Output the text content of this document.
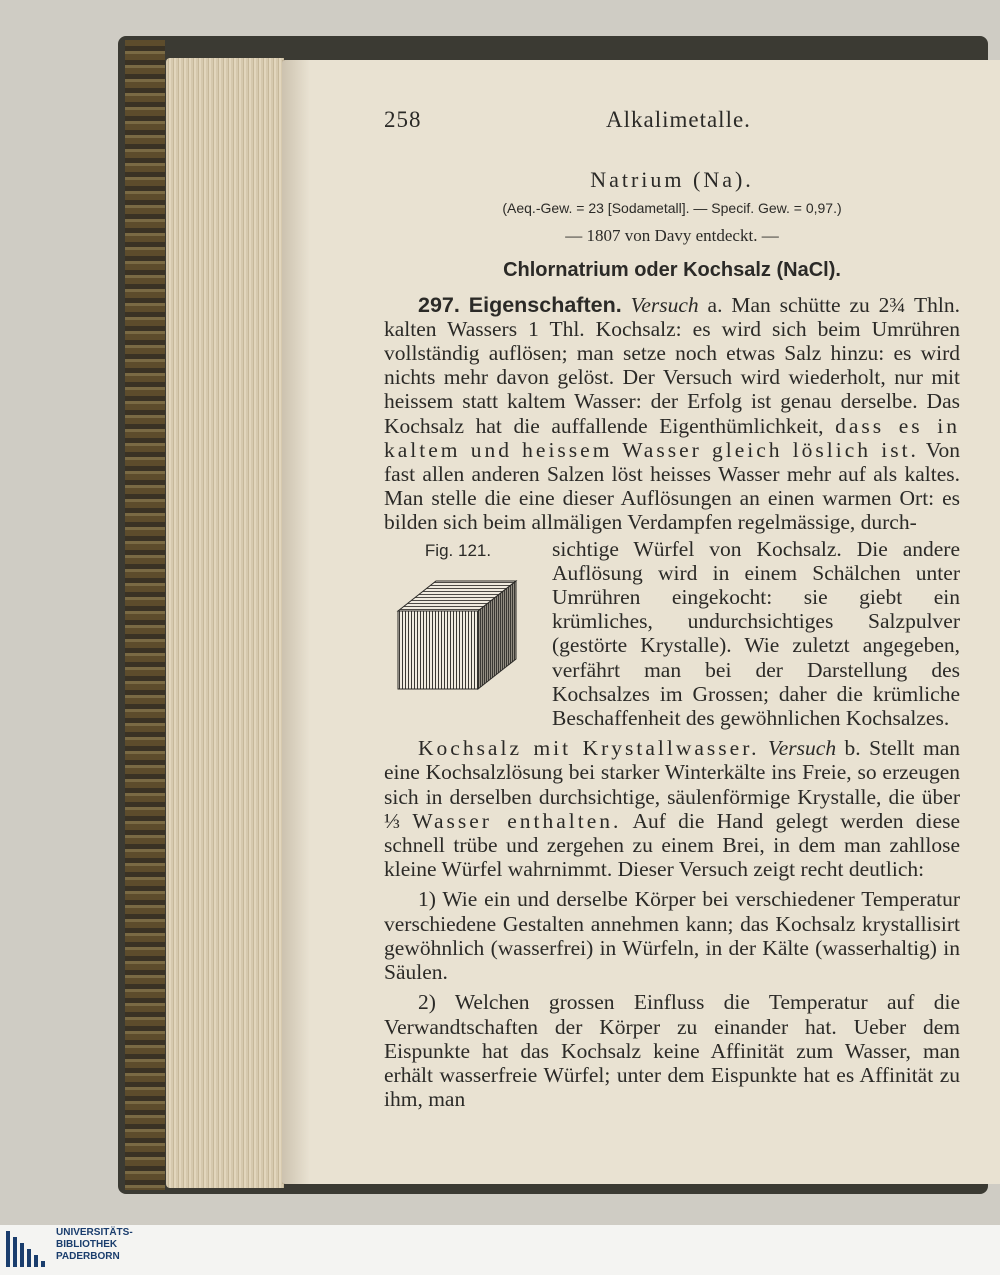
258	Alkalimetalle.
Natrium (Na).
(Aeq.-Gew. = 23 [Sodametall]. — Specif. Gew. = 0,97.)
— 1807 von Davy entdeckt. —
Chlornatrium oder Kochsalz (NaCl).

297. Eigenschaften. Versuch a. Man schütte zu 2¾ Thln. kalten Wassers 1 Thl. Kochsalz: es wird sich beim Umrühren vollständig auflösen; man setze noch etwas Salz hinzu: es wird nichts mehr davon gelöst. Der Versuch wird wiederholt, nur mit heissem statt kaltem Wasser: der Erfolg ist genau derselbe. Das Kochsalz hat die auffallende Eigenthümlichkeit, dass es in kaltem und heissem Wasser gleich löslich ist. Von fast allen anderen Salzen löst heisses Wasser mehr auf als kaltes. Man stelle die eine dieser Auflösungen an einen warmen Ort: es bilden sich beim allmäligen Verdampfen regelmässige, durch-

Fig. 121.	sichtige Würfel von Kochsalz. Die andere Auflösung wird in einem Schälchen unter Umrühren eingekocht: sie giebt ein krümliches, undurchsichtiges Salzpulver (gestörte Krystalle). Wie zuletzt angegeben, verfährt man bei der Darstellung des Kochsalzes im Grossen; daher die krümliche Beschaffenheit des gewöhnlichen Kochsalzes.

Kochsalz mit Krystallwasser. Versuch b. Stellt man eine Kochsalzlösung bei starker Winterkälte ins Freie, so erzeugen sich in derselben durchsichtige, säulenförmige Krystalle, die über ⅓ Wasser enthalten. Auf die Hand gelegt werden diese schnell trübe und zergehen zu einem Brei, in dem man zahllose kleine Würfel wahrnimmt. Dieser Versuch zeigt recht deutlich:

1) Wie ein und derselbe Körper bei verschiedener Temperatur verschiedene Gestalten annehmen kann; das Kochsalz krystallisirt gewöhnlich (wasserfrei) in Würfeln, in der Kälte (wasserhaltig) in Säulen.

2) Welchen grossen Einfluss die Temperatur auf die Verwandtschaften der Körper zu einander hat. Ueber dem Eispunkte hat das Kochsalz keine Affinität zum Wasser, man erhält wasserfreie Würfel; unter dem Eispunkte hat es Affinität zu ihm, man

UNIVERSITÄTS-
BIBLIOTHEK
PADERBORN
